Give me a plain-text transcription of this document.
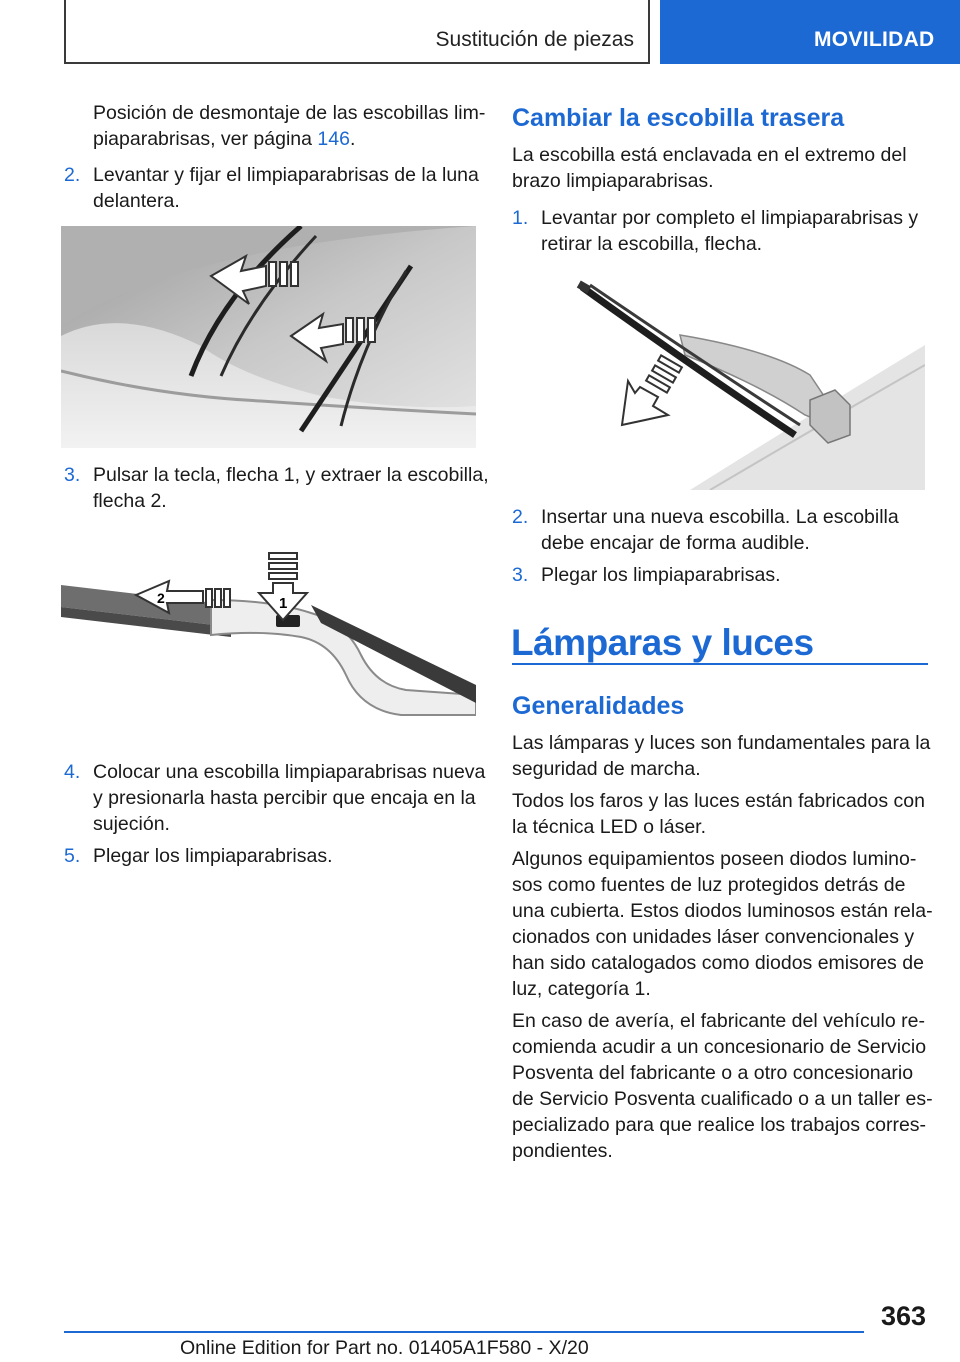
Sustitución de piezas	MOVILIDAD
Posición de desmontaje de las escobillas lim-
piaparabrisas, ver página 146.
2. Levantar y fijar el limpiaparabrisas de la luna
delantera.
3. Pulsar la tecla, flecha 1, y extraer la escobilla,
flecha 2.
2	1
4. Colocar una escobilla limpiaparabrisas nueva
y presionarla hasta percibir que encaja en la
sujeción.
5. Plegar los limpiaparabrisas.
Cambiar la escobilla trasera
La escobilla está enclavada en el extremo del
brazo limpiaparabrisas.
1. Levantar por completo el limpiaparabrisas y
retirar la escobilla, flecha.
2. Insertar una nueva escobilla. La escobilla
debe encajar de forma audible.
3. Plegar los limpiaparabrisas.
Lámparas y luces
Generalidades
Las lámparas y luces son fundamentales para la
seguridad de marcha.
Todos los faros y las luces están fabricados con
la técnica LED o láser.
Algunos equipamientos poseen diodos lumino-
sos como fuentes de luz protegidos detrás de
una cubierta. Estos diodos luminosos están rela-
cionados con unidades láser convencionales y
han sido catalogados como diodos emisores de
luz, categoría 1.
En caso de avería, el fabricante del vehículo re-
comienda acudir a un concesionario de Servicio
Posventa del fabricante o a otro concesionario
de Servicio Posventa cualificado o a un taller es-
pecializado para que realice los trabajos corres-
pondientes.
363
Online Edition for Part no. 01405A1F580 - X/20
